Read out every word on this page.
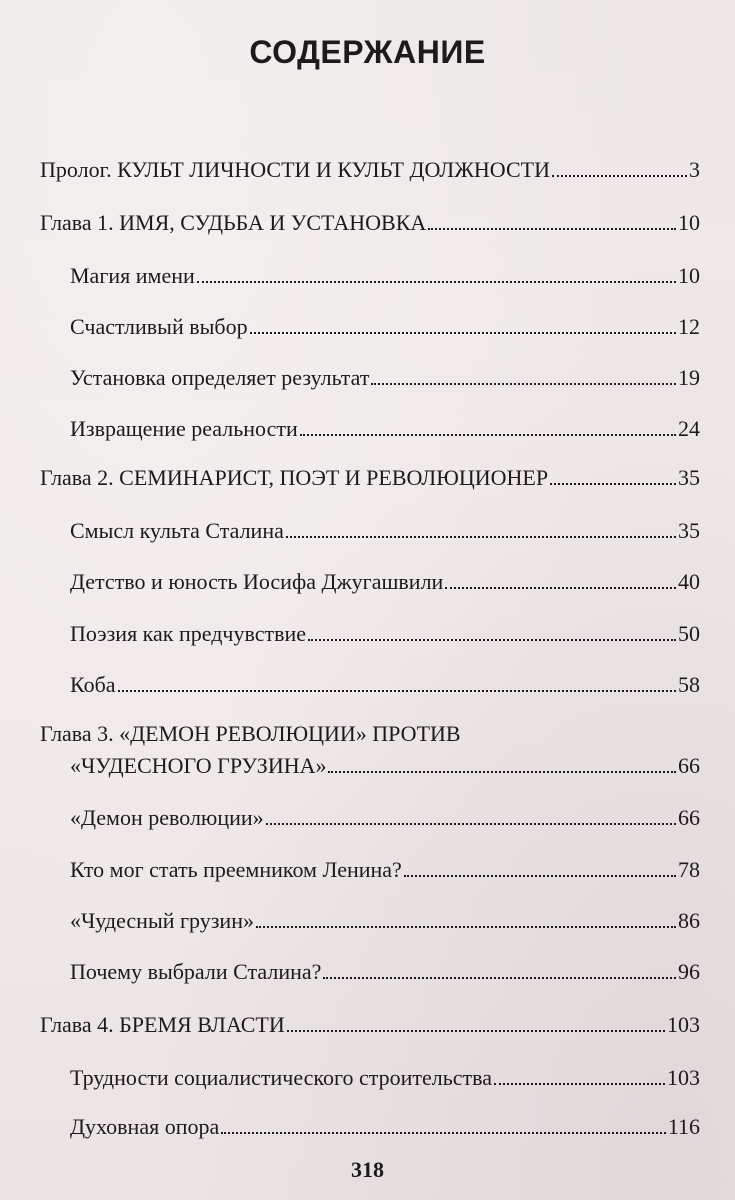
СОДЕРЖАНИЕ
Пролог. КУЛЬТ ЛИЧНОСТИ И КУЛЬТ ДОЛЖНОСТИ	3
Глава 1. ИМЯ, СУДЬБА И УСТАНОВКА	10
Магия имени	10
Счастливый выбор	12
Установка определяет результат	19
Извращение реальности	24
Глава 2. СЕМИНАРИСТ, ПОЭТ И РЕВОЛЮЦИОНЕР	35
Смысл культа Сталина	35
Детство и юность Иосифа Джугашвили	40
Поэзия как предчувствие	50
Коба	58
Глава 3. «ДЕМОН РЕВОЛЮЦИИ» ПРОТИВ
«ЧУДЕСНОГО ГРУЗИНА»	66
«Демон революции»	66
Кто мог стать преемником Ленина?	78
«Чудесный грузин»	86
Почему выбрали Сталина?	96
Глава 4. БРЕМЯ ВЛАСТИ	103
Трудности социалистического строительства	103
Духовная опора	116
318
